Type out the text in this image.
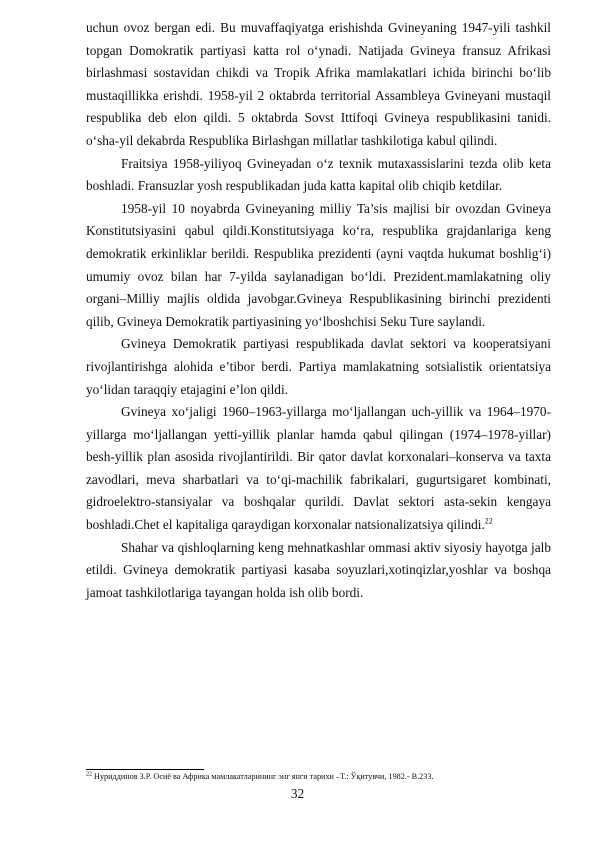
uchun ovoz bergan edi. Bu muvaffaqiyatga erishishda Gvineyaning 1947-yili tashkil topgan Domokratik partiyasi katta rol o‘ynadi. Natijada Gvineya fransuz Afrikasi birlashmasi sostavidan chikdi va Tropik Afrika mamlakatlari ichida birinchi bo‘lib mustaqillikka erishdi. 1958-yil 2 oktabrda territorial Assambleya Gvineyani mustaqil respublika deb elon qildi. 5 oktabrda Sovst Ittifoqi Gvineya respublikasini tanidi. o‘sha-yil dekabrda Respublika Birlashgan millatlar tashkilotiga kabul qilindi.

Fraitsiya 1958-yiliyoq Gvineyadan o‘z texnik mutaxassislarini tezda olib keta boshladi. Fransuzlar yosh respublikadan juda katta kapital olib chiqib ketdilar.

1958-yil 10 noyabrda Gvineyaning milliy Ta’sis majlisi bir ovozdan Gvineya Konstitutsiyasini qabul qildi.Konstitutsiyaga ko‘ra, respublika grajdanlariga keng demokratik erkinliklar berildi. Respublika prezidenti (ayni vaqtda hukumat boshlig‘i) umumiy ovoz bilan har 7-yilda saylanadigan bo‘ldi. Prezident.mamlakatning oliy organi–Milliy majlis oldida javobgar.Gvineya Respublikasining birinchi prezidenti qilib, Gvineya Demokratik partiyasining yo‘lboshchisi Seku Ture saylandi.

Gvineya Demokratik partiyasi respublikada davlat sektori va kooperatsiyani rivojlantirishga alohida e’tibor berdi. Partiya mamlakatning sotsialistik orientatsiya yo‘lidan taraqqiy etajagini e’lon qildi.

Gvineya xo‘jaligi 1960–1963-yillarga mo‘ljallangan uch-yillik va 1964–1970-yillarga mo‘ljallangan yetti-yillik planlar hamda qabul qilingan (1974–1978-yillar) besh-yillik plan asosida rivojlantirildi. Bir qator davlat korxonalari–konserva va taxta zavodlari, meva sharbatlari va to‘qi-machilik fabrikalari, gugurtsigaret kombinati, gidroelektro-stansiyalar va boshqalar qurildi. Davlat sektori asta-sekin kengaya boshladi.Chet el kapitaliga qaraydigan korxonalar natsionalizatsiya qilindi.$^{22}$

Shahar va qishloqlarning keng mehnatkashlar ommasi aktiv siyosiy hayotga jalb etildi. Gvineya demokratik partiyasi kasaba soyuzlari,xotinqizlar,yoshlar va boshqa jamoat tashkilotlariga tayangan holda ish olib bordi.

$^{22}$ Нуриддинов З.Р. Осиё ва Африка мамлакатларининг энг янги тарихи –Т.: Ўқитувчи, 1982.- B.233.
32
